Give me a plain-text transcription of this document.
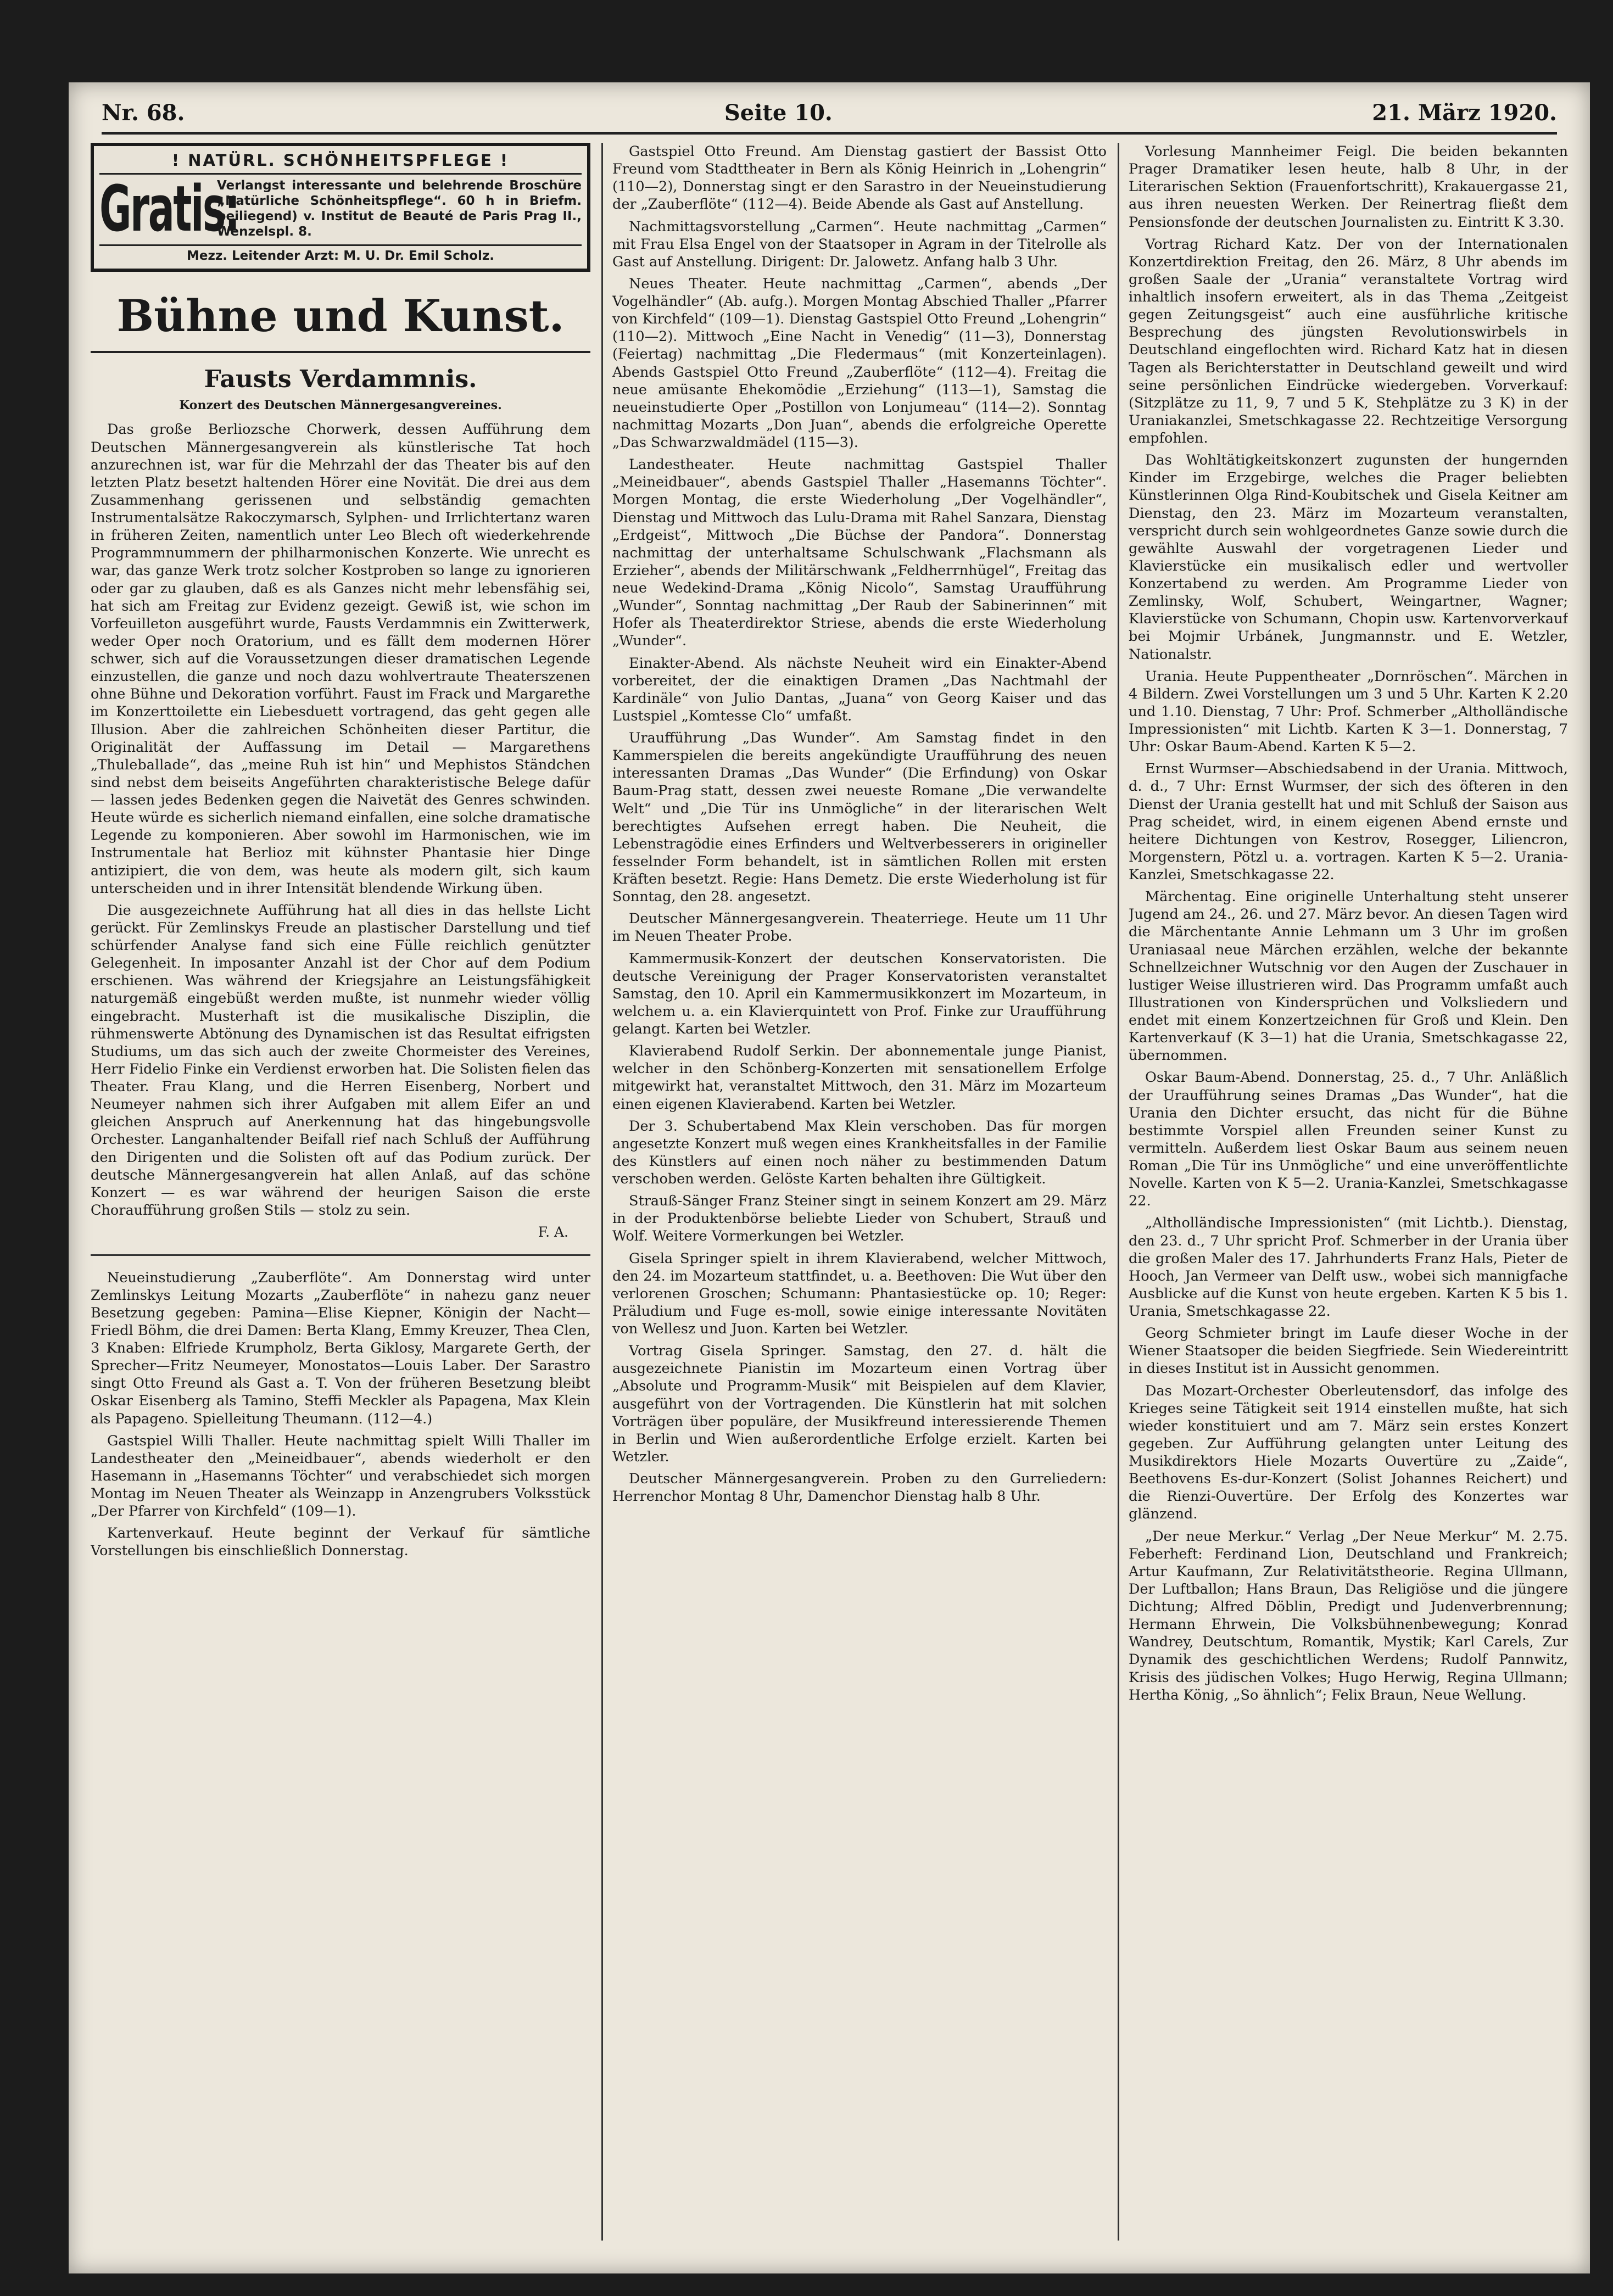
Nr. 68.	Seite 10.	21. März 1920.
! NATÜRL. SCHÖNHEITSPFLEGE !
Gratis:
Verlangst interessante und belehrende Broschüre „Natürliche Schönheitspflege“. 60 h in Briefm. beiliegend) v. Institut de Beauté de Paris Prag II., Wenzelspl. 8.
Mezz. Leitender Arzt: M. U. Dr. Emil Scholz.
Bühne und Kunst.
Fausts Verdammnis.
Konzert des Deutschen Männergesangvereines.

Das große Berliozsche Chorwerk, dessen Aufführung dem Deutschen Männergesangverein als künstlerische Tat hoch anzurechnen ist, war für die Mehrzahl der das Theater bis auf den letzten Platz besetzt haltenden Hörer eine Novität. Die drei aus dem Zusammenhang gerissenen und selbständig gemachten Instrumentalsätze Rakoczymarsch, Sylphen- und Irrlichtertanz waren in früheren Zeiten, namentlich unter Leo Blech oft wiederkehrende Programmnummern der philharmonischen Konzerte. Wie unrecht es war, das ganze Werk trotz solcher Kostproben so lange zu ignorieren oder gar zu glauben, daß es als Ganzes nicht mehr lebensfähig sei, hat sich am Freitag zur Evidenz gezeigt. Gewiß ist, wie schon im Vorfeuilleton ausgeführt wurde, Fausts Verdammnis ein Zwitterwerk, weder Oper noch Oratorium, und es fällt dem modernen Hörer schwer, sich auf die Voraussetzungen dieser dramatischen Legende einzustellen, die ganze und noch dazu wohlvertraute Theaterszenen ohne Bühne und Dekoration vorführt. Faust im Frack und Margarethe im Konzerttoilette ein Liebesduett vortragend, das geht gegen alle Illusion. Aber die zahlreichen Schönheiten dieser Partitur, die Originalität der Auffassung im Detail — Margarethens „Thuleballade“, das „meine Ruh ist hin“ und Mephistos Ständchen sind nebst dem beiseits Angeführten charakteristische Belege dafür — lassen jedes Bedenken gegen die Naivetät des Genres schwinden. Heute würde es sicherlich niemand einfallen, eine solche dramatische Legende zu komponieren. Aber sowohl im Harmonischen, wie im Instrumentale hat Berlioz mit kühnster Phantasie hier Dinge antizipiert, die von dem, was heute als modern gilt, sich kaum unterscheiden und in ihrer Intensität blendende Wirkung üben.

Die ausgezeichnete Aufführung hat all dies in das hellste Licht gerückt. Für Zemlinskys Freude an plastischer Darstellung und tief schürfender Analyse fand sich eine Fülle reichlich genützter Gelegenheit. In imposanter Anzahl ist der Chor auf dem Podium erschienen. Was während der Kriegsjahre an Leistungsfähigkeit naturgemäß eingebüßt werden mußte, ist nunmehr wieder völlig eingebracht. Musterhaft ist die musikalische Disziplin, die rühmenswerte Abtönung des Dynamischen ist das Resultat eifrigsten Studiums, um das sich auch der zweite Chormeister des Vereines, Herr Fidelio Finke ein Verdienst erworben hat. Die Solisten fielen das Theater. Frau Klang, und die Herren Eisenberg, Norbert und Neumeyer nahmen sich ihrer Aufgaben mit allem Eifer an und gleichen Anspruch auf Anerkennung hat das hingebungsvolle Orchester. Langanhaltender Beifall rief nach Schluß der Aufführung den Dirigenten und die Solisten oft auf das Podium zurück. Der deutsche Männergesangverein hat allen Anlaß, auf das schöne Konzert — es war während der heurigen Saison die erste Choraufführung großen Stils — stolz zu sein.

F. A.

Neueinstudierung „Zauberflöte“. Am Donnerstag wird unter Zemlinskys Leitung Mozarts „Zauberflöte“ in nahezu ganz neuer Besetzung gegeben: Pamina—Elise Kiepner, Königin der Nacht—Friedl Böhm, die drei Damen: Berta Klang, Emmy Kreuzer, Thea Clen, 3 Knaben: Elfriede Krumpholz, Berta Giklosy, Margarete Gerth, der Sprecher—Fritz Neumeyer, Monostatos—Louis Laber. Der Sarastro singt Otto Freund als Gast a. T. Von der früheren Besetzung bleibt Oskar Eisenberg als Tamino, Steffi Meckler als Papagena, Max Klein als Papageno. Spielleitung Theumann. (112—4.)

Gastspiel Willi Thaller. Heute nachmittag spielt Willi Thaller im Landestheater den „Meineidbauer“, abends wiederholt er den Hasemann in „Hasemanns Töchter“ und verabschiedet sich morgen Montag im Neuen Theater als Weinzapp in Anzengrubers Volksstück „Der Pfarrer von Kirchfeld“ (109—1).

Kartenverkauf. Heute beginnt der Verkauf für sämtliche Vorstellungen bis einschließlich Donnerstag.

Gastspiel Otto Freund. Am Dienstag gastiert der Bassist Otto Freund vom Stadttheater in Bern als König Heinrich in „Lohengrin“ (110—2), Donnerstag singt er den Sarastro in der Neueinstudierung der „Zauberflöte“ (112—4). Beide Abende als Gast auf Anstellung.

Nachmittagsvorstellung „Carmen“. Heute nachmittag „Carmen“ mit Frau Elsa Engel von der Staatsoper in Agram in der Titelrolle als Gast auf Anstellung. Dirigent: Dr. Jalowetz. Anfang halb 3 Uhr.

Neues Theater. Heute nachmittag „Carmen“, abends „Der Vogelhändler“ (Ab. aufg.). Morgen Montag Abschied Thaller „Pfarrer von Kirchfeld“ (109—1). Dienstag Gastspiel Otto Freund „Lohengrin“ (110—2). Mittwoch „Eine Nacht in Venedig“ (11—3), Donnerstag (Feiertag) nachmittag „Die Fledermaus“ (mit Konzerteinlagen). Abends Gastspiel Otto Freund „Zauberflöte“ (112—4). Freitag die neue amüsante Ehekomödie „Erziehung“ (113—1), Samstag die neueinstudierte Oper „Postillon von Lonjumeau“ (114—2). Sonntag nachmittag Mozarts „Don Juan“, abends die erfolgreiche Operette „Das Schwarzwaldmädel (115—3).

Landestheater. Heute nachmittag Gastspiel Thaller „Meineidbauer“, abends Gastspiel Thaller „Hasemanns Töchter“. Morgen Montag, die erste Wiederholung „Der Vogelhändler“, Dienstag und Mittwoch das Lulu-Drama mit Rahel Sanzara, Dienstag „Erdgeist“, Mittwoch „Die Büchse der Pandora“. Donnerstag nachmittag der unterhaltsame Schulschwank „Flachsmann als Erzieher“, abends der Militärschwank „Feldherrnhügel“, Freitag das neue Wedekind-Drama „König Nicolo“, Samstag Uraufführung „Wunder“, Sonntag nachmittag „Der Raub der Sabinerinnen“ mit Hofer als Theaterdirektor Striese, abends die erste Wiederholung „Wunder“.

Einakter-Abend. Als nächste Neuheit wird ein Einakter-Abend vorbereitet, der die einaktigen Dramen „Das Nachtmahl der Kardinäle“ von Julio Dantas, „Juana“ von Georg Kaiser und das Lustspiel „Komtesse Clo“ umfaßt.

Uraufführung „Das Wunder“. Am Samstag findet in den Kammerspielen die bereits angekündigte Uraufführung des neuen interessanten Dramas „Das Wunder“ (Die Erfindung) von Oskar Baum-Prag statt, dessen zwei neueste Romane „Die verwandelte Welt“ und „Die Tür ins Unmögliche“ in der literarischen Welt berechtigtes Aufsehen erregt haben. Die Neuheit, die Lebenstragödie eines Erfinders und Weltverbesserers in origineller fesselnder Form behandelt, ist in sämtlichen Rollen mit ersten Kräften besetzt. Regie: Hans Demetz. Die erste Wiederholung ist für Sonntag, den 28. angesetzt.

Deutscher Männergesangverein. Theaterriege. Heute um 11 Uhr im Neuen Theater Probe.

Kammermusik-Konzert der deutschen Konservatoristen. Die deutsche Vereinigung der Prager Konservatoristen veranstaltet Samstag, den 10. April ein Kammermusikkonzert im Mozarteum, in welchem u. a. ein Klavierquintett von Prof. Finke zur Uraufführung gelangt. Karten bei Wetzler.

Klavierabend Rudolf Serkin. Der abonnementale junge Pianist, welcher in den Schönberg-Konzerten mit sensationellem Erfolge mitgewirkt hat, veranstaltet Mittwoch, den 31. März im Mozarteum einen eigenen Klavierabend. Karten bei Wetzler.

Der 3. Schubertabend Max Klein verschoben. Das für morgen angesetzte Konzert muß wegen eines Krankheitsfalles in der Familie des Künstlers auf einen noch näher zu bestimmenden Datum verschoben werden. Gelöste Karten behalten ihre Gültigkeit.

Strauß-Sänger Franz Steiner singt in seinem Konzert am 29. März in der Produktenbörse beliebte Lieder von Schubert, Strauß und Wolf. Weitere Vormerkungen bei Wetzler.

Gisela Springer spielt in ihrem Klavierabend, welcher Mittwoch, den 24. im Mozarteum stattfindet, u. a. Beethoven: Die Wut über den verlorenen Groschen; Schumann: Phantasiestücke op. 10; Reger: Präludium und Fuge es-moll, sowie einige interessante Novitäten von Wellesz und Juon. Karten bei Wetzler.

Vortrag Gisela Springer. Samstag, den 27. d. hält die ausgezeichnete Pianistin im Mozarteum einen Vortrag über „Absolute und Programm-Musik“ mit Beispielen auf dem Klavier, ausgeführt von der Vortragenden. Die Künstlerin hat mit solchen Vorträgen über populäre, der Musikfreund interessierende Themen in Berlin und Wien außerordentliche Erfolge erzielt. Karten bei Wetzler.

Deutscher Männergesangverein. Proben zu den Gurreliedern: Herrenchor Montag 8 Uhr, Damenchor Dienstag halb 8 Uhr.

Vorlesung Mannheimer Feigl. Die beiden bekannten Prager Dramatiker lesen heute, halb 8 Uhr, in der Literarischen Sektion (Frauenfortschritt), Krakauergasse 21, aus ihren neuesten Werken. Der Reinertrag fließt dem Pensionsfonde der deutschen Journalisten zu. Eintritt K 3.30.

Vortrag Richard Katz. Der von der Internationalen Konzertdirektion Freitag, den 26. März, 8 Uhr abends im großen Saale der „Urania“ veranstaltete Vortrag wird inhaltlich insofern erweitert, als in das Thema „Zeitgeist gegen Zeitungsgeist“ auch eine ausführliche kritische Besprechung des jüngsten Revolutionswirbels in Deutschland eingeflochten wird. Richard Katz hat in diesen Tagen als Berichterstatter in Deutschland geweilt und wird seine persönlichen Eindrücke wiedergeben. Vorverkauf: (Sitzplätze zu 11, 9, 7 und 5 K, Stehplätze zu 3 K) in der Uraniakanzlei, Smetschkagasse 22. Rechtzeitige Versorgung empfohlen.

Das Wohltätigkeitskonzert zugunsten der hungernden Kinder im Erzgebirge, welches die Prager beliebten Künstlerinnen Olga Rind-Koubitschek und Gisela Keitner am Dienstag, den 23. März im Mozarteum veranstalten, verspricht durch sein wohlgeordnetes Ganze sowie durch die gewählte Auswahl der vorgetragenen Lieder und Klavierstücke ein musikalisch edler und wertvoller Konzertabend zu werden. Am Programme Lieder von Zemlinsky, Wolf, Schubert, Weingartner, Wagner; Klavierstücke von Schumann, Chopin usw. Kartenvorverkauf bei Mojmir Urbánek, Jungmannstr. und E. Wetzler, Nationalstr.

Urania. Heute Puppentheater „Dornröschen“. Märchen in 4 Bildern. Zwei Vorstellungen um 3 und 5 Uhr. Karten K 2.20 und 1.10. Dienstag, 7 Uhr: Prof. Schmerber „Altholländische Impressionisten“ mit Lichtb. Karten K 3—1. Donnerstag, 7 Uhr: Oskar Baum-Abend. Karten K 5—2.

Ernst Wurmser—Abschiedsabend in der Urania. Mittwoch, d. d., 7 Uhr: Ernst Wurmser, der sich des öfteren in den Dienst der Urania gestellt hat und mit Schluß der Saison aus Prag scheidet, wird, in einem eigenen Abend ernste und heitere Dichtungen von Kestrov, Rosegger, Liliencron, Morgenstern, Pötzl u. a. vortragen. Karten K 5—2. Urania-Kanzlei, Smetschkagasse 22.

Märchentag. Eine originelle Unterhaltung steht unserer Jugend am 24., 26. und 27. März bevor. An diesen Tagen wird die Märchentante Annie Lehmann um 3 Uhr im großen Uraniasaal neue Märchen erzählen, welche der bekannte Schnellzeichner Wutschnig vor den Augen der Zuschauer in lustiger Weise illustrieren wird. Das Programm umfaßt auch Illustrationen von Kindersprüchen und Volksliedern und endet mit einem Konzertzeichnen für Groß und Klein. Den Kartenverkauf (K 3—1) hat die Urania, Smetschkagasse 22, übernommen.

Oskar Baum-Abend. Donnerstag, 25. d., 7 Uhr. Anläßlich der Uraufführung seines Dramas „Das Wunder“, hat die Urania den Dichter ersucht, das nicht für die Bühne bestimmte Vorspiel allen Freunden seiner Kunst zu vermitteln. Außerdem liest Oskar Baum aus seinem neuen Roman „Die Tür ins Unmögliche“ und eine unveröffentlichte Novelle. Karten von K 5—2. Urania-Kanzlei, Smetschkagasse 22.

„Altholländische Impressionisten“ (mit Lichtb.). Dienstag, den 23. d., 7 Uhr spricht Prof. Schmerber in der Urania über die großen Maler des 17. Jahrhunderts Franz Hals, Pieter de Hooch, Jan Vermeer van Delft usw., wobei sich mannigfache Ausblicke auf die Kunst von heute ergeben. Karten K 5 bis 1. Urania, Smetschkagasse 22.

Georg Schmieter bringt im Laufe dieser Woche in der Wiener Staatsoper die beiden Siegfriede. Sein Wiedereintritt in dieses Institut ist in Aussicht genommen.

Das Mozart-Orchester Oberleutensdorf, das infolge des Krieges seine Tätigkeit seit 1914 einstellen mußte, hat sich wieder konstituiert und am 7. März sein erstes Konzert gegeben. Zur Aufführung gelangten unter Leitung des Musikdirektors Hiele Mozarts Ouvertüre zu „Zaide“, Beethovens Es-dur-Konzert (Solist Johannes Reichert) und die Rienzi-Ouvertüre. Der Erfolg des Konzertes war glänzend.

„Der neue Merkur.“ Verlag „Der Neue Merkur“ M. 2.75. Feberheft: Ferdinand Lion, Deutschland und Frankreich; Artur Kaufmann, Zur Relativitätstheorie. Regina Ullmann, Der Luftballon; Hans Braun, Das Religiöse und die jüngere Dichtung; Alfred Döblin, Predigt und Judenverbrennung; Hermann Ehrwein, Die Volksbühnenbewegung; Konrad Wandrey, Deutschtum, Romantik, Mystik; Karl Carels, Zur Dynamik des geschichtlichen Werdens; Rudolf Pannwitz, Krisis des jüdischen Volkes; Hugo Herwig, Regina Ullmann; Hertha König, „So ähnlich“; Felix Braun, Neue Wellung.
